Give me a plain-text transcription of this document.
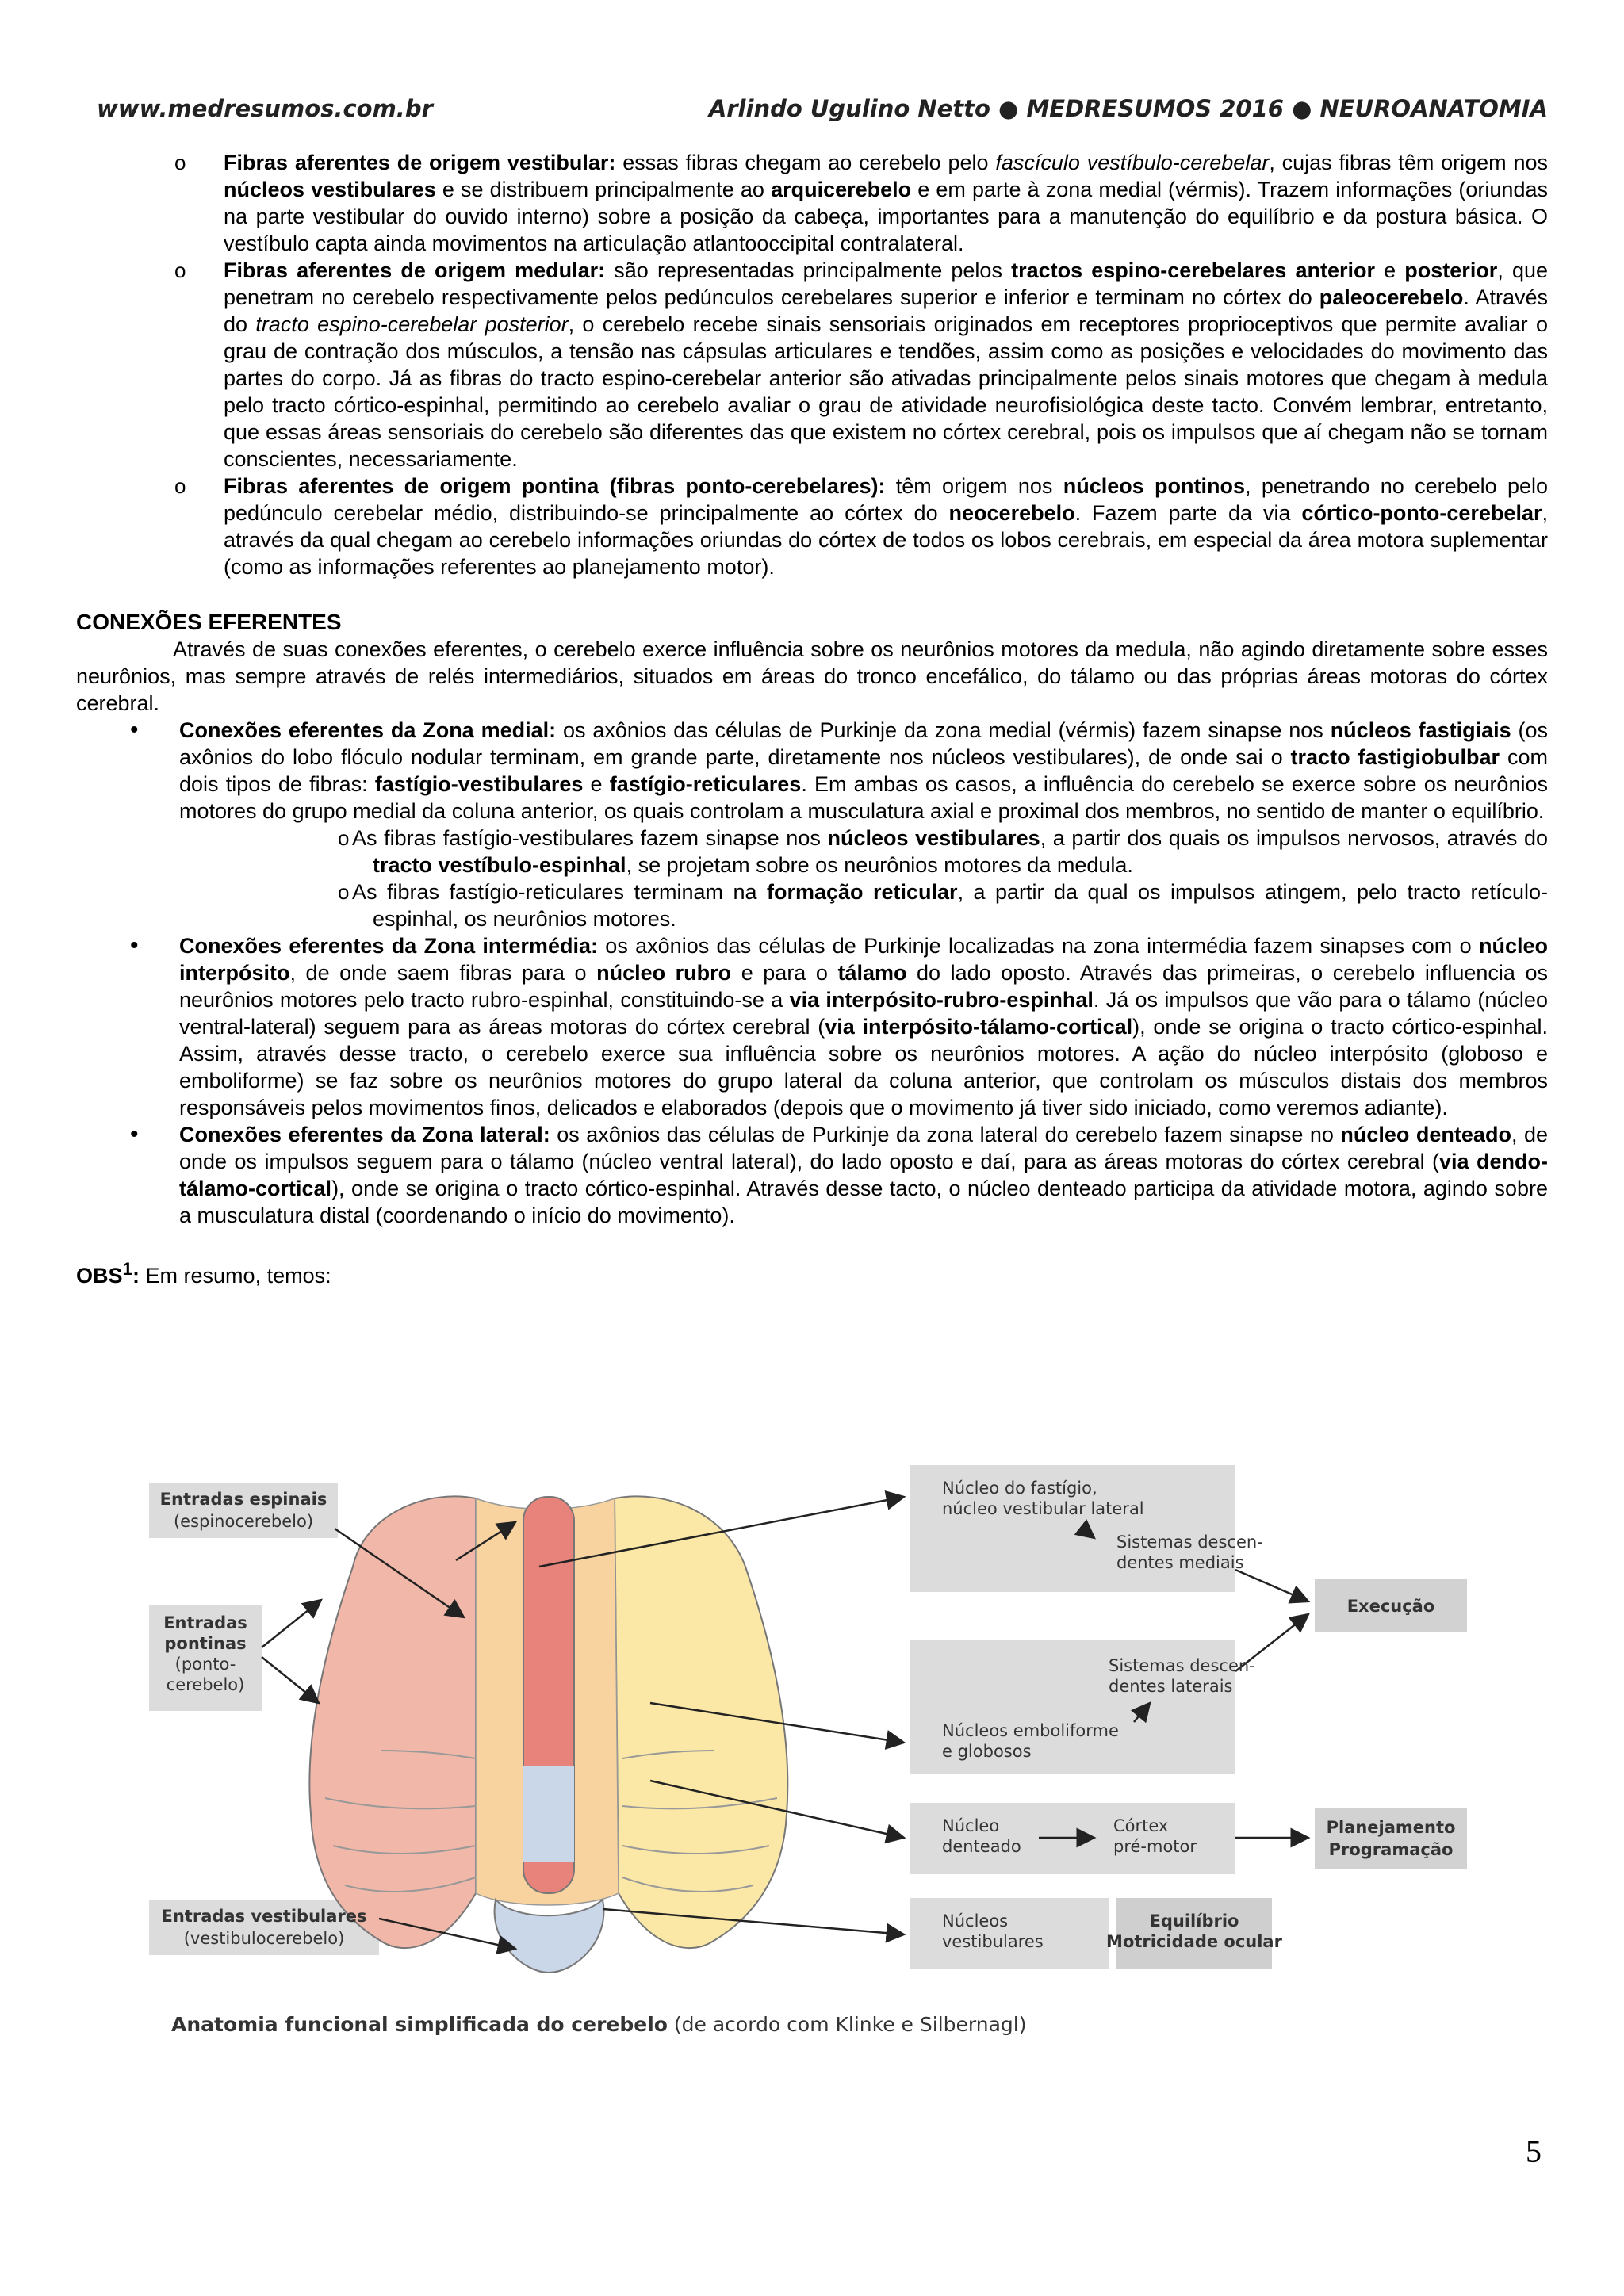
www.medresumos.com.br	Arlindo Ugulino Netto ● MEDRESUMOS 2016 ● NEUROANATOMIA
o Fibras aferentes de origem vestibular: essas fibras chegam ao cerebelo pelo fascículo vestíbulo-cerebelar, cujas fibras têm origem nos núcleos vestibulares e se distribuem principalmente ao arquicerebelo e em parte à zona medial (vérmis). Trazem informações (oriundas na parte vestibular do ouvido interno) sobre a posição da cabeça, importantes para a manutenção do equilíbrio e da postura básica. O vestíbulo capta ainda movimentos na articulação atlantooccipital contralateral.
o Fibras aferentes de origem medular: são representadas principalmente pelos tractos espino-cerebelares anterior e posterior, que penetram no cerebelo respectivamente pelos pedúnculos cerebelares superior e inferior e terminam no córtex do paleocerebelo. Através do tracto espino-cerebelar posterior, o cerebelo recebe sinais sensoriais originados em receptores proprioceptivos que permite avaliar o grau de contração dos músculos, a tensão nas cápsulas articulares e tendões, assim como as posições e velocidades do movimento das partes do corpo. Já as fibras do tracto espino-cerebelar anterior são ativadas principalmente pelos sinais motores que chegam à medula pelo tracto córtico-espinhal, permitindo ao cerebelo avaliar o grau de atividade neurofisiológica deste tacto. Convém lembrar, entretanto, que essas áreas sensoriais do cerebelo são diferentes das que existem no córtex cerebral, pois os impulsos que aí chegam não se tornam conscientes, necessariamente.
o Fibras aferentes de origem pontina (fibras ponto-cerebelares): têm origem nos núcleos pontinos, penetrando no cerebelo pelo pedúnculo cerebelar médio, distribuindo-se principalmente ao córtex do neocerebelo. Fazem parte da via córtico-ponto-cerebelar, através da qual chegam ao cerebelo informações oriundas do córtex de todos os lobos cerebrais, em especial da área motora suplementar (como as informações referentes ao planejamento motor).
CONEXÕES EFERENTES

Através de suas conexões eferentes, o cerebelo exerce influência sobre os neurônios motores da medula, não agindo diretamente sobre esses neurônios, mas sempre através de relés intermediários, situados em áreas do tronco encefálico, do tálamo ou das próprias áreas motoras do córtex cerebral.

• Conexões eferentes da Zona medial: os axônios das células de Purkinje da zona medial (vérmis) fazem sinapse nos núcleos fastigiais (os axônios do lobo flóculo nodular terminam, em grande parte, diretamente nos núcleos vestibulares), de onde sai o tracto fastigiobulbar com dois tipos de fibras: fastígio-vestibulares e fastígio-reticulares. Em ambas os casos, a influência do cerebelo se exerce sobre os neurônios motores do grupo medial da coluna anterior, os quais controlam a musculatura axial e proximal dos membros, no sentido de manter o equilíbrio.
o As fibras fastígio-vestibulares fazem sinapse nos núcleos vestibulares, a partir dos quais os impulsos nervosos, através do tracto vestíbulo-espinhal, se projetam sobre os neurônios motores da medula.
o As fibras fastígio-reticulares terminam na formação reticular, a partir da qual os impulsos atingem, pelo tracto retículo-espinhal, os neurônios motores.
• Conexões eferentes da Zona intermédia: os axônios das células de Purkinje localizadas na zona intermédia fazem sinapses com o núcleo interpósito, de onde saem fibras para o núcleo rubro e para o tálamo do lado oposto. Através das primeiras, o cerebelo influencia os neurônios motores pelo tracto rubro-espinhal, constituindo-se a via interpósito-rubro-espinhal. Já os impulsos que vão para o tálamo (núcleo ventral-lateral) seguem para as áreas motoras do córtex cerebral (via interpósito-tálamo-cortical), onde se origina o tracto córtico-espinhal. Assim, através desse tracto, o cerebelo exerce sua influência sobre os neurônios motores. A ação do núcleo interpósito (globoso e emboliforme) se faz sobre os neurônios motores do grupo lateral da coluna anterior, que controlam os músculos distais dos membros responsáveis pelos movimentos finos, delicados e elaborados (depois que o movimento já tiver sido iniciado, como veremos adiante).
• Conexões eferentes da Zona lateral: os axônios das células de Purkinje da zona lateral do cerebelo fazem sinapse no núcleo denteado, de onde os impulsos seguem para o tálamo (núcleo ventral lateral), do lado oposto e daí, para as áreas motoras do córtex cerebral (via dendo-tálamo-cortical), onde se origina o tracto córtico-espinhal. Através desse tacto, o núcleo denteado participa da atividade motora, agindo sobre a musculatura distal (coordenando o início do movimento).
OBS$^1$: Em resumo, temos:
Entradas espinais
(espinocerebelo)
Entradas
pontinas
(ponto-
cerebelo)
Entradas vestibulares
(vestibulocerebelo)
Núcleo do fastígio,
núcleo vestibular lateral
Sistemas descen-
dentes mediais
Sistemas descen-
dentes laterais
Núcleos emboliforme
e globosos
Núcleo
denteado
Córtex
pré-motor
Núcleos
vestibulares
Execução
Planejamento
Programação
Equilíbrio
Motricidade ocular
Anatomia funcional simplificada do cerebelo (de acordo com Klinke e Silbernagl)
5
